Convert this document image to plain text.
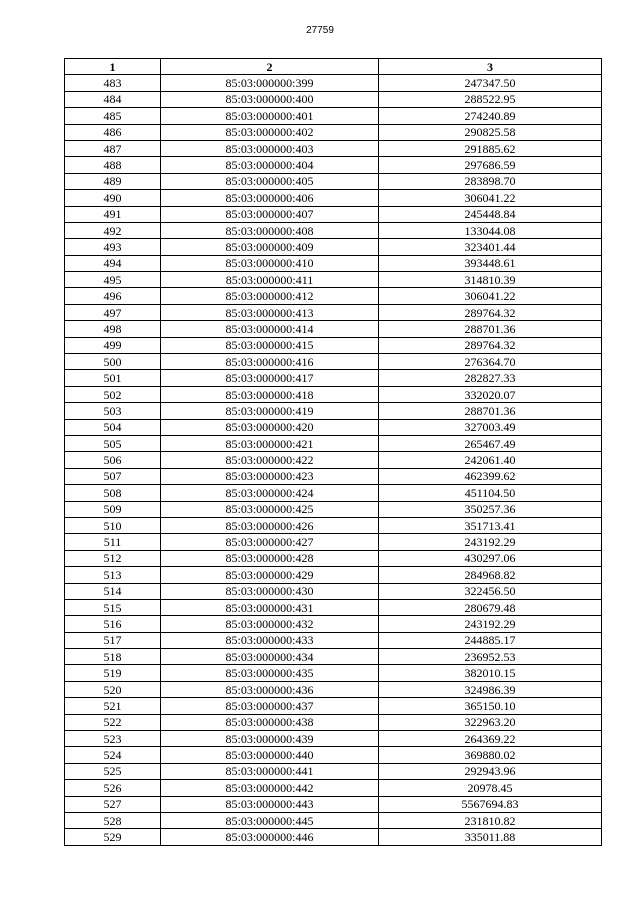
27759
1	2	3
483	85:03:000000:399	247347.50
484	85:03:000000:400	288522.95
485	85:03:000000:401	274240.89
486	85:03:000000:402	290825.58
487	85:03:000000:403	291885.62
488	85:03:000000:404	297686.59
489	85:03:000000:405	283898.70
490	85:03:000000:406	306041.22
491	85:03:000000:407	245448.84
492	85:03:000000:408	133044.08
493	85:03:000000:409	323401.44
494	85:03:000000:410	393448.61
495	85:03:000000:411	314810.39
496	85:03:000000:412	306041.22
497	85:03:000000:413	289764.32
498	85:03:000000:414	288701.36
499	85:03:000000:415	289764.32
500	85:03:000000:416	276364.70
501	85:03:000000:417	282827.33
502	85:03:000000:418	332020.07
503	85:03:000000:419	288701.36
504	85:03:000000:420	327003.49
505	85:03:000000:421	265467.49
506	85:03:000000:422	242061.40
507	85:03:000000:423	462399.62
508	85:03:000000:424	451104.50
509	85:03:000000:425	350257.36
510	85:03:000000:426	351713.41
511	85:03:000000:427	243192.29
512	85:03:000000:428	430297.06
513	85:03:000000:429	284968.82
514	85:03:000000:430	322456.50
515	85:03:000000:431	280679.48
516	85:03:000000:432	243192.29
517	85:03:000000:433	244885.17
518	85:03:000000:434	236952.53
519	85:03:000000:435	382010.15
520	85:03:000000:436	324986.39
521	85:03:000000:437	365150.10
522	85:03:000000:438	322963.20
523	85:03:000000:439	264369.22
524	85:03:000000:440	369880.02
525	85:03:000000:441	292943.96
526	85:03:000000:442	20978.45
527	85:03:000000:443	5567694.83
528	85:03:000000:445	231810.82
529	85:03:000000:446	335011.88
